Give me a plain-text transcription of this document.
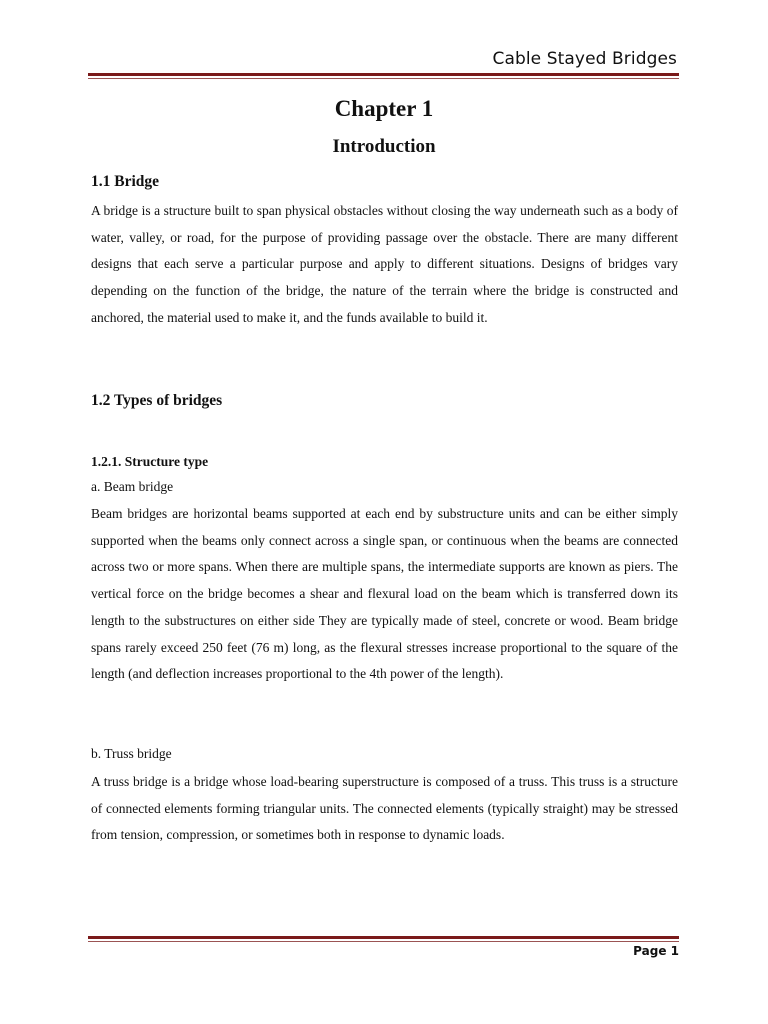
Cable Stayed Bridges
Chapter 1
Introduction
1.1 Bridge
A bridge is a structure built to span physical obstacles without closing the way underneath such as a body of water, valley, or road, for the purpose of providing passage over the obstacle. There are many different designs that each serve a particular purpose and apply to different situations. Designs of bridges vary depending on the function of the bridge, the nature of the terrain where the bridge is constructed and anchored, the material used to make it, and the funds available to build it.
1.2 Types of bridges
1.2.1. Structure type
a. Beam bridge
Beam bridges are horizontal beams supported at each end by substructure units and can be either simply supported when the beams only connect across a single span, or continuous when the beams are connected across two or more spans. When there are multiple spans, the intermediate supports are known as piers. The vertical force on the bridge becomes a shear and flexural load on the beam which is transferred down its length to the substructures on either side They are typically made of steel, concrete or wood. Beam bridge spans rarely exceed 250 feet (76 m) long, as the flexural stresses increase proportional to the square of the length (and deflection increases proportional to the 4th power of the length).
b. Truss bridge
A truss bridge is a bridge whose load-bearing superstructure is composed of a truss. This truss is a structure of connected elements forming triangular units. The connected elements (typically straight) may be stressed from tension, compression, or sometimes both in response to dynamic loads.
Page 1
